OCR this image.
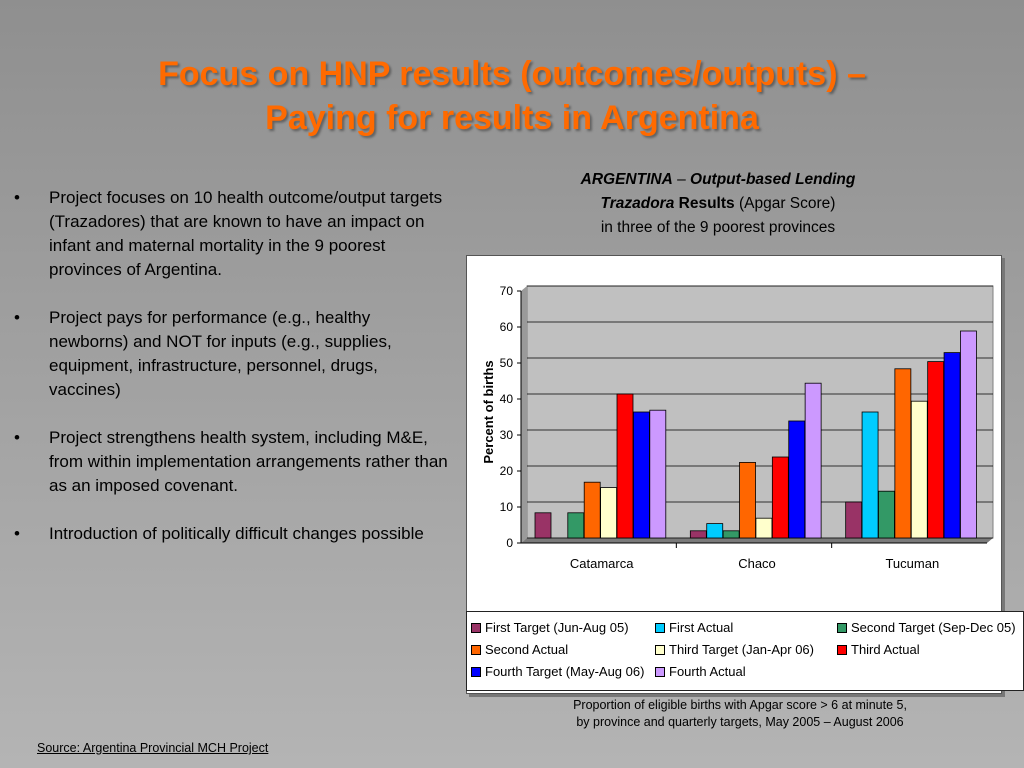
Focus on HNP results (outcomes/outputs) –
Paying for results in Argentina
•	Project focuses on 10 health outcome/output targets (Trazadores) that are known to have an impact on infant and maternal mortality in the 9 poorest provinces of Argentina.
•	Project pays for performance (e.g., healthy newborns) and NOT for inputs (e.g., supplies, equipment, infrastructure, personnel, drugs, vaccines)
•	Project strengthens health system, including M&E, from within implementation arrangements rather than as an imposed covenant.
•	Introduction of politically difficult changes possible
ARGENTINA – Output-based Lending
Trazadora Results (Apgar Score)
in three of the 9 poorest provinces
0
10
20
30
40
50
60
70
Percent of births
Catamarca	Chaco	Tucuman
First Target (Jun-Aug 05)	First Actual	Second Target (Sep-Dec 05)
Second Actual	Third Target (Jan-Apr 06)	Third Actual
Fourth Target (May-Aug 06) Fourth Actual
Proportion of eligible births with Apgar score > 6 at minute 5,
by province and quarterly targets, May 2005 – August 2006
Source: Argentina Provincial MCH Project
